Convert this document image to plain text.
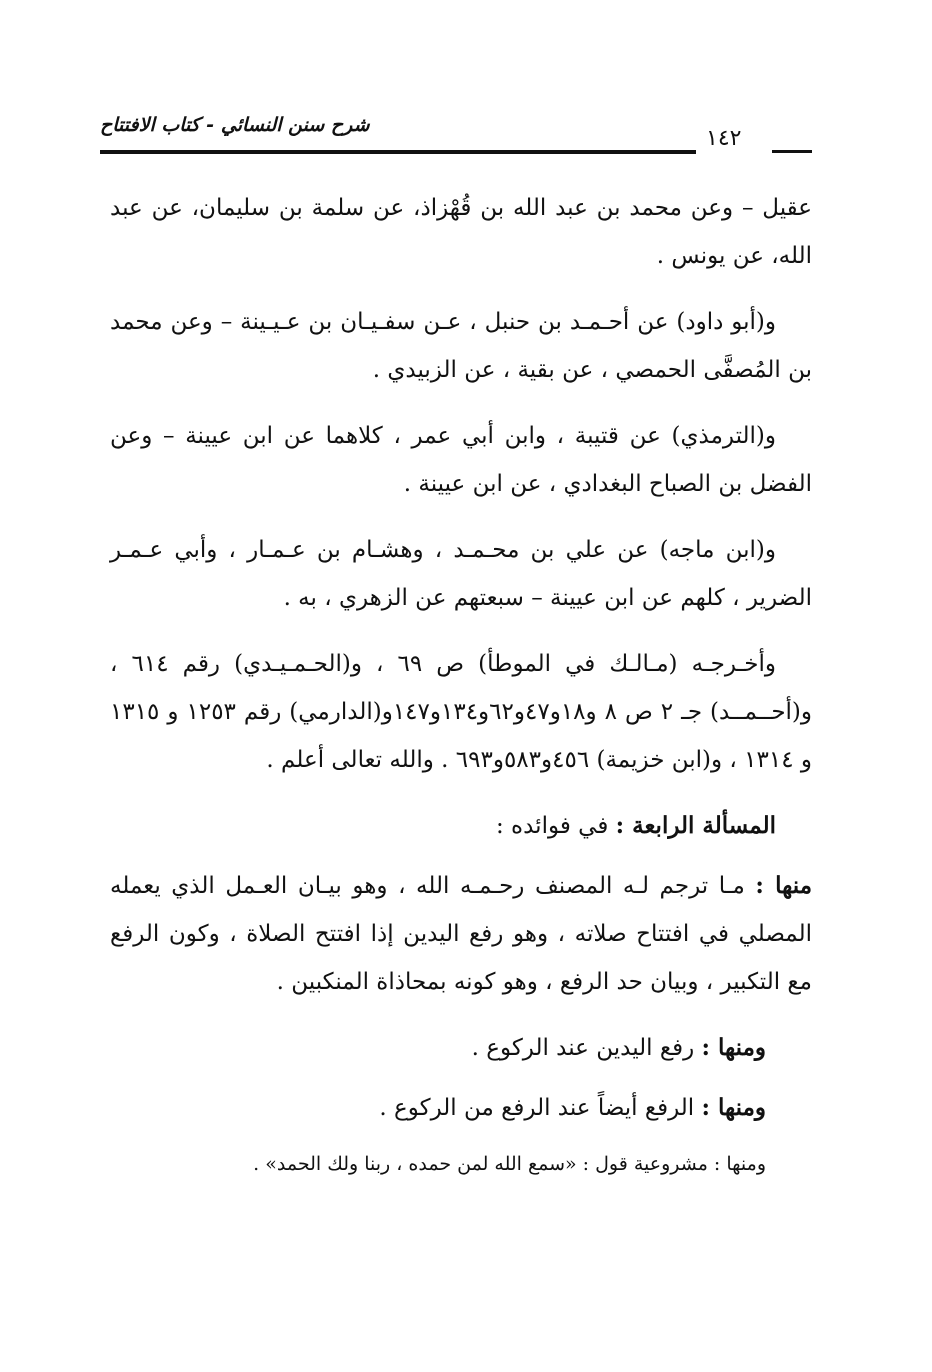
شرح سنن النسائي - كتاب الافتتاح
١٤٢

عقيل – وعن محمد بن عبد الله بن قُهْزاذ، عن سلمة بن سليمان، عن عبد الله، عن يونس .

و(أبو داود) عن أحـمـد بن حنبل ، عـن سفـيـان بن عـيـينة – وعن محمد بن المُصفَّى الحمصي ، عن بقية ، عن الزبيدي .

و(الترمذي) عن قتيبة ، وابن أبي عمر ، كلاهما عن ابن عيينة – وعن الفضل بن الصباح البغدادي ، عن ابن عيينة .

و(ابن ماجه) عن علي بن محـمـد ، وهشـام بن عـمـار ، وأبي عـمـر الضرير ، كلهم عن ابن عيينة – سبعتهم عن الزهري ، به .

وأخـرجـه (مـالـك في الموطأ) ص ٦٩ ، و(الحـمـيـدي) رقم ٦١٤ ، و(أحــمــد) جـ ٢ ص ٨ و١٨و٤٧و٦٢و١٣٤و١٤٧و(الدارمي) رقم ١٢٥٣ و ١٣١٥ و ١٣١٤ ، و(ابن خزيمة) ٤٥٦و٥٨٣و٦٩٣ . والله تعالى أعلم .

المسألة الرابعة : في فوائده :

منها : مـا ترجم لـه المصنف رحـمـه الله ، وهو بيـان العـمل الذي يعمله المصلي في افتتاح صلاته ، وهو رفع اليدين إذا افتتح الصلاة ، وكون الرفع مع التكبير ، وبيان حد الرفع ، وهو كونه بمحاذاة المنكبين .

ومنها : رفع اليدين عند الركوع .

ومنها : الرفع أيضاً عند الرفع من الركوع .

ومنها : مشروعية قول : «سمع الله لمن حمده ، ربنا ولك الحمد» .
